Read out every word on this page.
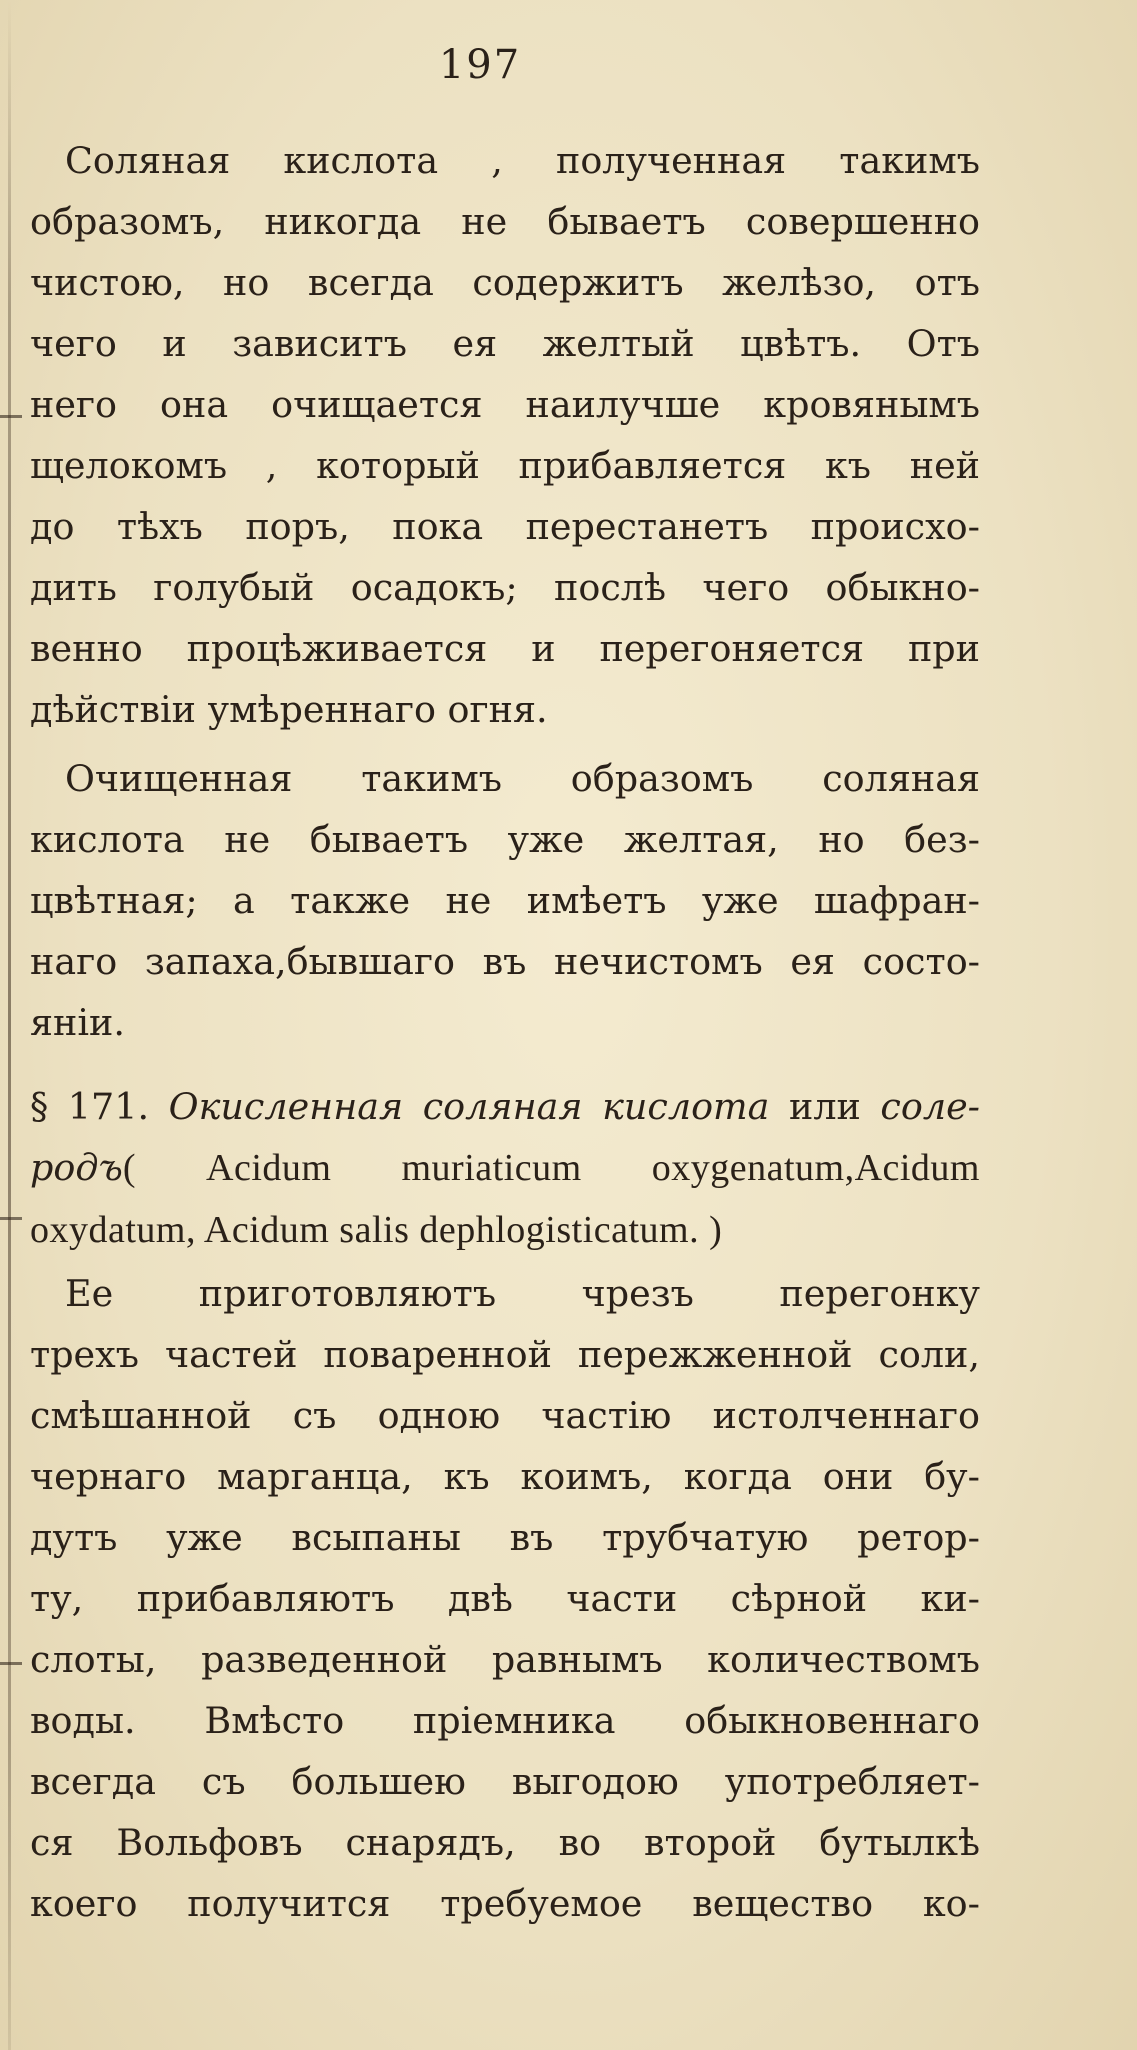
197
Соляная кислота , полученная такимъ
образомъ, никогда не бываетъ совершенно
чистою, но всегда содержитъ желѣзо, отъ
чего и зависитъ ея желтый цвѣтъ. Отъ
него она очищается наилучше кровянымъ
щелокомъ , который прибавляется къ ней
до тѣхъ поръ, пока перестанетъ происхо-
дить голубый осадокъ; послѣ чего обыкно-
венно процѣживается и перегоняется при
дѣйствіи умѣреннаго огня.
Очищенная такимъ образомъ соляная
кислота не бываетъ уже желтая, но без-
цвѣтная; а также не имѣетъ уже шафран-
наго запаха,бывшаго въ нечистомъ ея состо-
яніи.
§ 171. Окисленная соляная кислота или соле-
родъ( Acidum muriaticum oxygenatum,Acidum
oxydatum, Acidum salis dephlogisticatum. )
Ее приготовляютъ чрезъ перегонку
трехъ частей поваренной пережженной соли,
смѣшанной съ одною частію истолченнаго
чернаго марганца, къ коимъ, когда они бу-
дутъ уже всыпаны въ трубчатую ретор-
ту, прибавляютъ двѣ части сѣрной ки-
слоты, разведенной равнымъ количествомъ
воды. Вмѣсто пріемника обыкновеннаго
всегда съ большею выгодою употребляет-
ся Вольфовъ снарядъ, во второй бутылкѣ
коего получится требуемое вещество ко-
